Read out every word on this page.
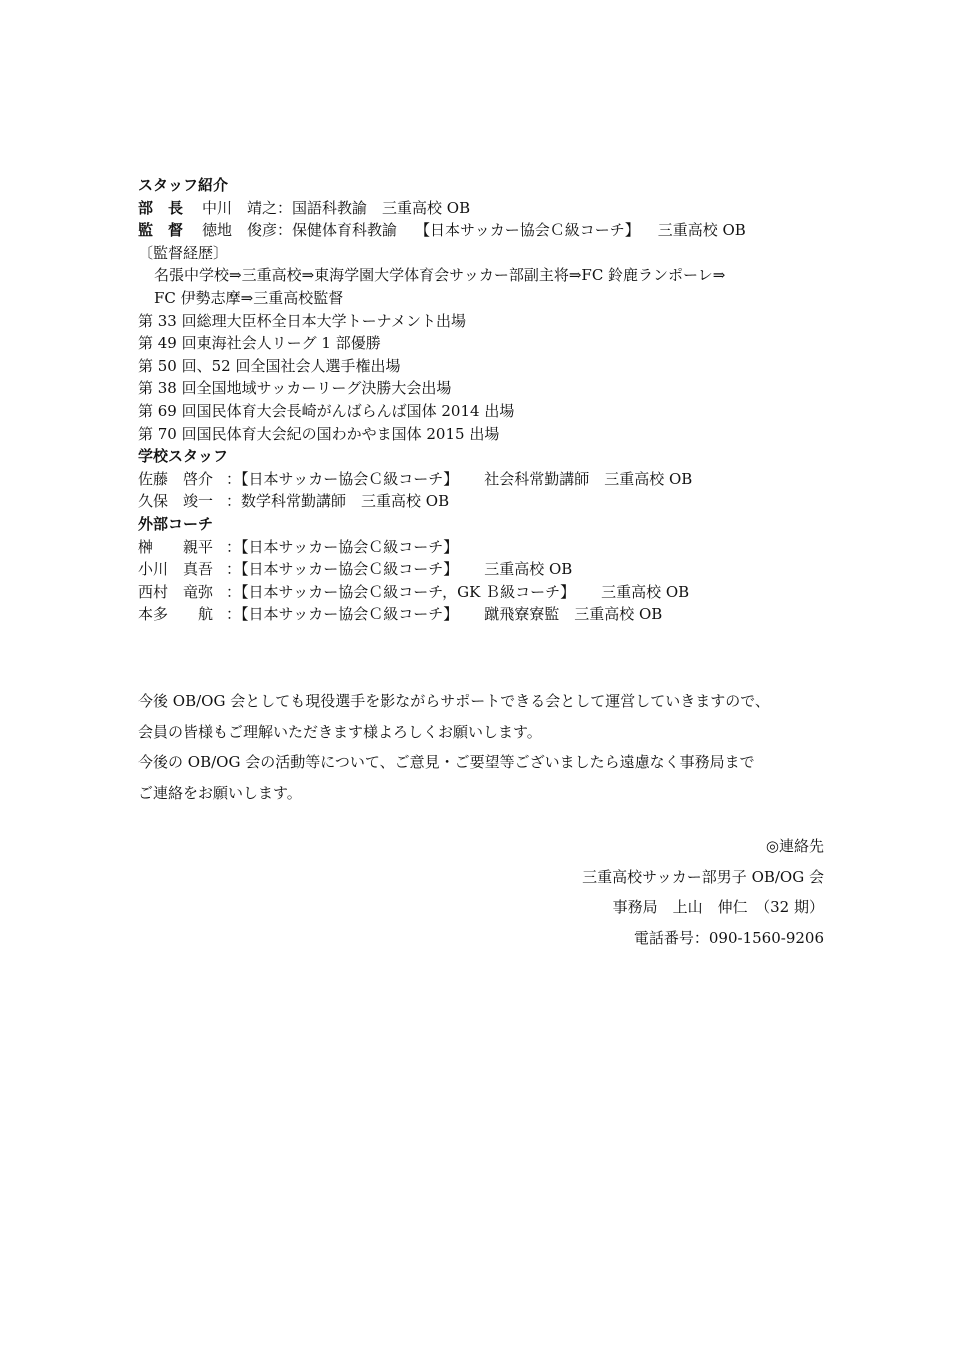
スタッフ紹介
部　長 中川　靖之：国語科教諭　三重高校 OB
監　督 徳地　俊彦：保健体育科教諭 【日本サッカー協会Ｃ級コーチ】 三重高校 OB
〔監督経歴〕
名張中学校⇒三重高校⇒東海学園大学体育会サッカー部副主将⇒FC 鈴鹿ランポーレ⇒
FC 伊勢志摩⇒三重高校監督
第 33 回総理大臣杯全日本大学トーナメント出場
第 49 回東海社会人リーグ 1 部優勝
第 50 回、52 回全国社会人選手権出場
第 38 回全国地域サッカーリーグ決勝大会出場
第 69 回国民体育大会長崎がんばらんば国体 2014 出場
第 70 回国民体育大会紀の国わかやま国体 2015 出場
学校スタッフ
佐藤　啓介 ：【日本サッカー協会Ｃ級コーチ】 社会科常勤講師　三重高校 OB
久保　竣一 ：数学科常勤講師　三重高校 OB
外部コーチ
榊　　親平 ：【日本サッカー協会Ｃ級コーチ】
小川　真吾 ：【日本サッカー協会Ｃ級コーチ】 三重高校 OB
西村　竜弥 ：【日本サッカー協会Ｃ級コーチ，GK Ｂ級コーチ】 三重高校 OB
本多　　航 ：【日本サッカー協会Ｃ級コーチ】 蹴飛寮寮監　三重高校 OB
今後 OB/OG 会としても現役選手を影ながらサポートできる会として運営していきますので、
会員の皆様もご理解いただきます様よろしくお願いします。
今後の OB/OG 会の活動等について、ご意見・ご要望等ございましたら遠慮なく事務局まで
ご連絡をお願いします。
◎連絡先
三重高校サッカー部男子 OB/OG 会
事務局　上山　伸仁　（32 期）
電話番号：090-1560-9206
